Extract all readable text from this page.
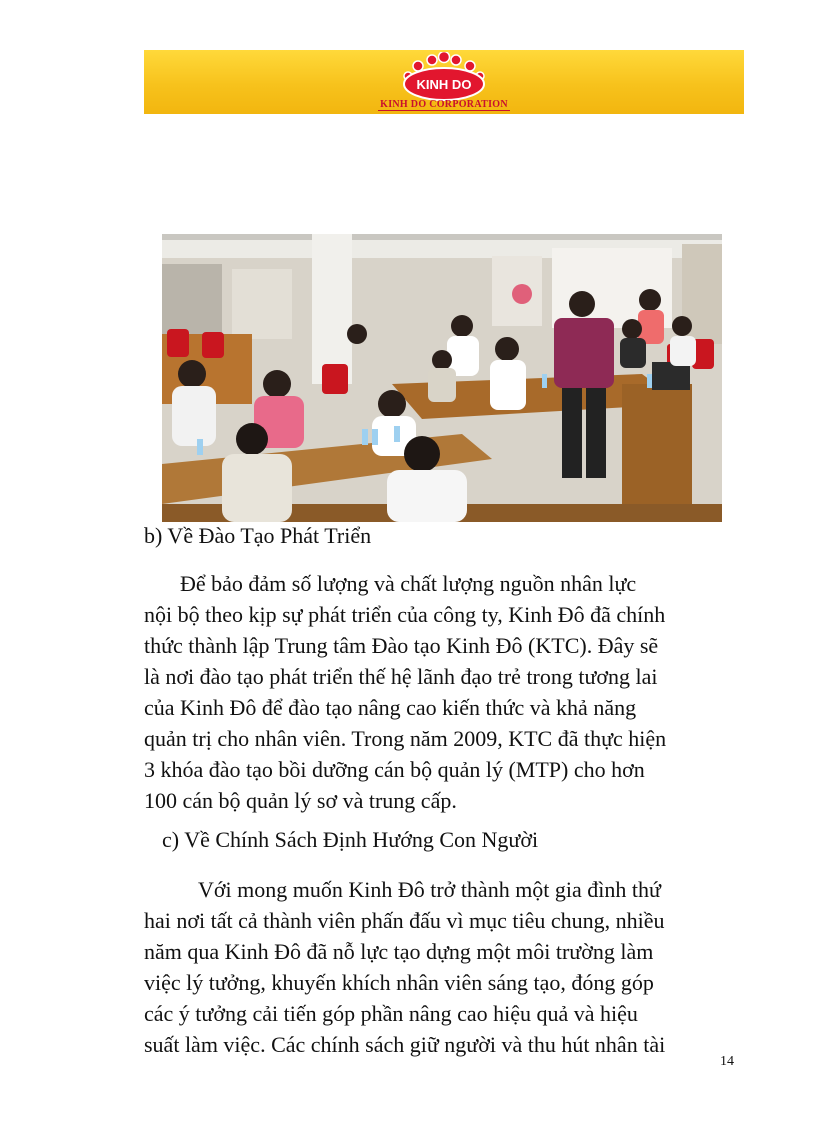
KINH DO
KINH DO CORPORATION
b) Về Đào Tạo Phát Triển
Để bảo đảm số lượng và chất lượng nguồn nhân lực
nội bộ theo kịp sự phát triển của công ty, Kinh Đô đã chính
thức thành lập Trung tâm Đào tạo Kinh Đô (KTC). Đây sẽ
là nơi đào tạo phát triển thế hệ lãnh đạo trẻ trong tương lai
của Kinh Đô để đào tạo nâng cao kiến thức và khả năng
quản trị cho nhân viên. Trong năm 2009, KTC đã thực hiện
3 khóa đào tạo bồi dưỡng cán bộ quản lý (MTP) cho hơn
100 cán bộ quản lý sơ và trung cấp.
c) Về Chính Sách Định Hướng Con Người
Với mong muốn Kinh Đô trở thành một gia đình thứ
hai nơi tất cả thành viên phấn đấu vì mục tiêu chung, nhiều
năm qua Kinh Đô đã nỗ lực tạo dựng một môi trường làm
việc lý tưởng, khuyến khích nhân viên sáng tạo, đóng góp
các ý tưởng cải tiến góp phần nâng cao hiệu quả và hiệu
suất làm việc. Các chính sách giữ người và thu hút nhân tài
14
